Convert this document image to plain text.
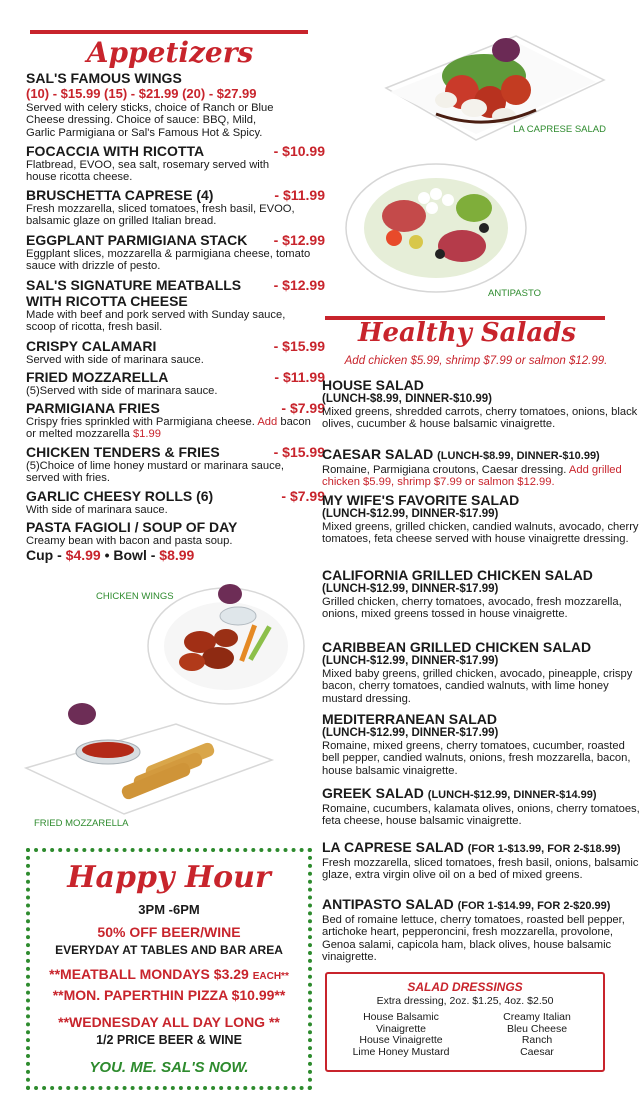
Appetizers
SAL'S FAMOUS WINGS
(10) - $15.99 (15) - $21.99 (20) - $27.99
Served with celery sticks, choice of Ranch or Blue Cheese dressing. Choice of sauce: BBQ, Mild, Garlic Parmigiana or Sal's Famous Hot & Spicy.
FOCACCIA WITH RICOTTA	- $10.99
Flatbread, EVOO, sea salt, rosemary served with house ricotta cheese.
BRUSCHETTA CAPRESE (4)	- $11.99
Fresh mozzarella, sliced tomatoes, fresh basil, EVOO, balsamic glaze on grilled Italian bread.
EGGPLANT PARMIGIANA STACK	- $12.99
Eggplant slices, mozzarella & parmigiana cheese, tomato sauce with drizzle of pesto.
SAL'S SIGNATURE MEATBALLS
WITH RICOTTA CHEESE
- $12.99
Made with beef and pork served with Sunday sauce, scoop of ricotta, fresh basil.
CRISPY CALAMARI	- $15.99
Served with side of marinara sauce.
FRIED MOZZARELLA	- $11.99
(5)Served with side of marinara sauce.
PARMIGIANA FRIES	- $7.99
Crispy fries sprinkled with Parmigiana cheese. Add bacon or melted mozzarella $1.99
CHICKEN TENDERS & FRIES	- $15.99
(5)Choice of lime honey mustard or marinara sauce, served with fries.
GARLIC CHEESY ROLLS (6)	- $7.99
With side of marinara sauce.
PASTA FAGIOLI / SOUP OF DAY
Creamy bean with bacon and pasta soup.
Cup - $4.99 • Bowl - $8.99
LA CAPRESE SALAD
ANTIPASTO
CHICKEN WINGS
FRIED MOZZARELLA
Happy Hour
3PM -6PM
50% OFF BEER/WINE
EVERYDAY AT TABLES AND BAR AREA
**MEATBALL MONDAYS $3.29 EACH**
**MON. PAPERTHIN PIZZA $10.99**
**WEDNESDAY ALL DAY LONG **
1/2 PRICE BEER & WINE
YOU. ME. SAL'S NOW.
Healthy Salads
Add chicken $5.99, shrimp $7.99 or salmon $12.99.
HOUSE SALAD
(LUNCH-$8.99, DINNER-$10.99)
Mixed greens, shredded carrots, cherry tomatoes, onions, black olives, cucumber & house balsamic vinaigrette.
CAESAR SALAD (LUNCH-$8.99, DINNER-$10.99)
Romaine, Parmigiana croutons, Caesar dressing. Add grilled chicken $5.99, shrimp $7.99 or salmon $12.99.
MY WIFE'S FAVORITE SALAD
(LUNCH-$12.99, DINNER-$17.99)
Mixed greens, grilled chicken, candied walnuts, avocado, cherry tomatoes, feta cheese served with house vinaigrette dressing.
CALIFORNIA GRILLED CHICKEN SALAD
(LUNCH-$12.99, DINNER-$17.99)
Grilled chicken, cherry tomatoes, avocado, fresh mozzarella, onions, mixed greens tossed in house vinaigrette.
CARIBBEAN GRILLED CHICKEN SALAD
(LUNCH-$12.99, DINNER-$17.99)
Mixed baby greens, grilled chicken, avocado, pineapple, crispy bacon, cherry tomatoes, candied walnuts, with lime honey mustard dressing.
MEDITERRANEAN SALAD
(LUNCH-$12.99, DINNER-$17.99)
Romaine, mixed greens, cherry tomatoes, cucumber, roasted bell pepper, candied walnuts, onions, fresh mozzarella, bacon, house balsamic vinaigrette.
GREEK SALAD (LUNCH-$12.99, DINNER-$14.99)
Romaine, cucumbers, kalamata olives, onions, cherry tomatoes, feta cheese, house balsamic vinaigrette.
LA CAPRESE SALAD (FOR 1-$13.99, FOR 2-$18.99)
Fresh mozzarella, sliced tomatoes, fresh basil, onions, balsamic glaze, extra virgin olive oil on a bed of mixed greens.
ANTIPASTO SALAD (FOR 1-$14.99, FOR 2-$20.99)
Bed of romaine lettuce, cherry tomatoes, roasted bell pepper, artichoke heart, pepperoncini, fresh mozzarella, provolone, Genoa salami, capicola ham, black olives, house balsamic vinaigrette.
SALAD DRESSINGS
Extra dressing, 2oz. $1.25, 4oz. $2.50
House Balsamic Vinaigrette
House Vinaigrette
Lime Honey Mustard
Creamy Italian
Bleu Cheese
Ranch
Caesar
